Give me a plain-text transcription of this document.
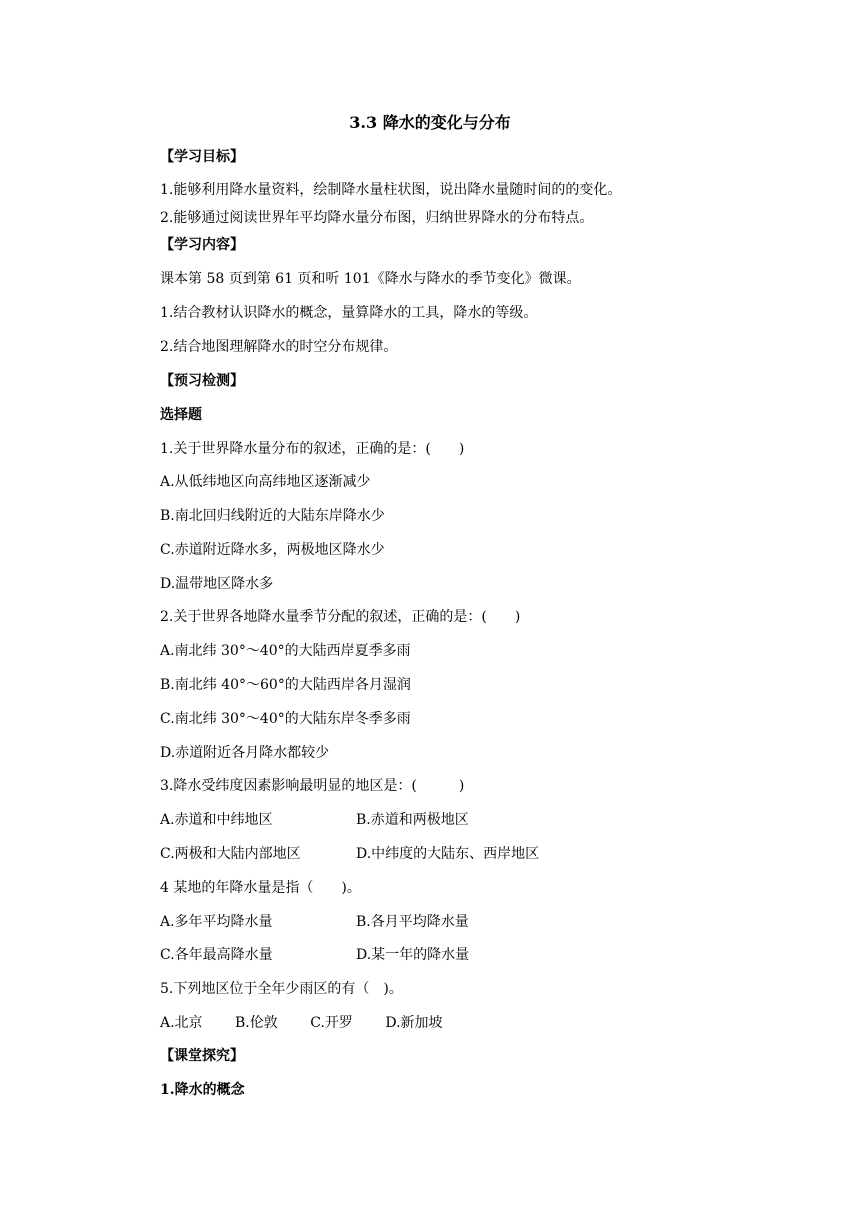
3.3 降水的变化与分布
【学习目标】
1.能够利用降水量资料，绘制降水量柱状图，说出降水量随时间的的变化。
2.能够通过阅读世界年平均降水量分布图，归纳世界降水的分布特点。
【学习内容】
课本第 58 页到第 61 页和听 101《降水与降水的季节变化》微课。
1.结合教材认识降水的概念，量算降水的工具，降水的等级。
2.结合地图理解降水的时空分布规律。
【预习检测】
选择题
1.关于世界降水量分布的叙述，正确的是：(　　)
A.从低纬地区向高纬地区逐渐减少
B.南北回归线附近的大陆东岸降水少
C.赤道附近降水多，两极地区降水少
D.温带地区降水多
2.关于世界各地降水量季节分配的叙述，正确的是：(　　)
A.南北纬 30°～40°的大陆西岸夏季多雨
B.南北纬 40°～60°的大陆西岸各月湿润
C.南北纬 30°～40°的大陆东岸冬季多雨
D.赤道附近各月降水都较少
3.降水受纬度因素影响最明显的地区是：(　　　)
A.赤道和中纬地区	B.赤道和两极地区
C.两极和大陆内部地区	D.中纬度的大陆东、西岸地区
4 某地的年降水量是指（　　)。
A.多年平均降水量	B.各月平均降水量
C.各年最高降水量	D.某一年的降水量
5.下列地区位于全年少雨区的有（　)。
A.北京 B.伦敦 C.开罗 D.新加坡
【课堂探究】
1.降水的概念
